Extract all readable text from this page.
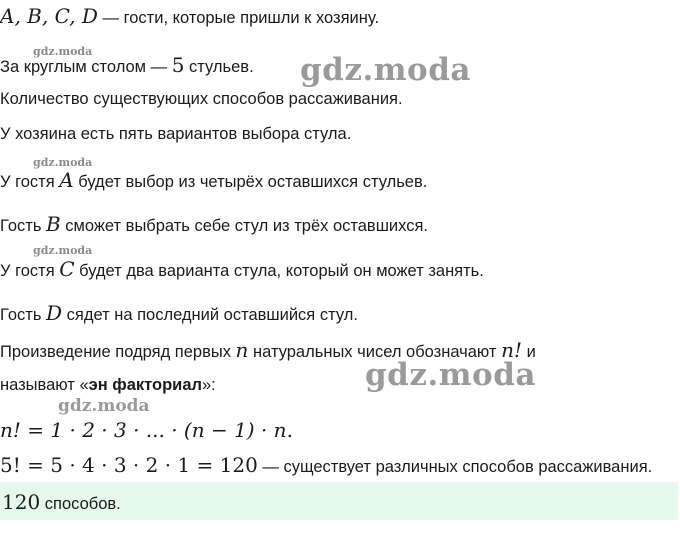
A, B, C, D — гости, которые пришли к хозяину.
gdz.moda
За круглым столом — 5 стульев. gdz.moda
Количество существующих способов рассаживания.
У хозяина есть пять вариантов выбора стула.
gdz.moda
У гостя A будет выбор из четырёх оставшихся стульев.
Гость B сможет выбрать себе стул из трёх оставшихся.
gdz.moda
У гостя C будет два варианта стула, который он может занять.
Гость D сядет на последний оставшийся стул.
Произведение подряд первых n натуральных чисел обозначают n! и
называют «эн факториал»:	gdz.moda
gdz.moda
n! = 1 · 2 · 3 · ... · (n − 1) · n.
5! = 5 · 4 · 3 · 2 · 1 = 120 — существует различных способов рассаживания.
120 способов.
